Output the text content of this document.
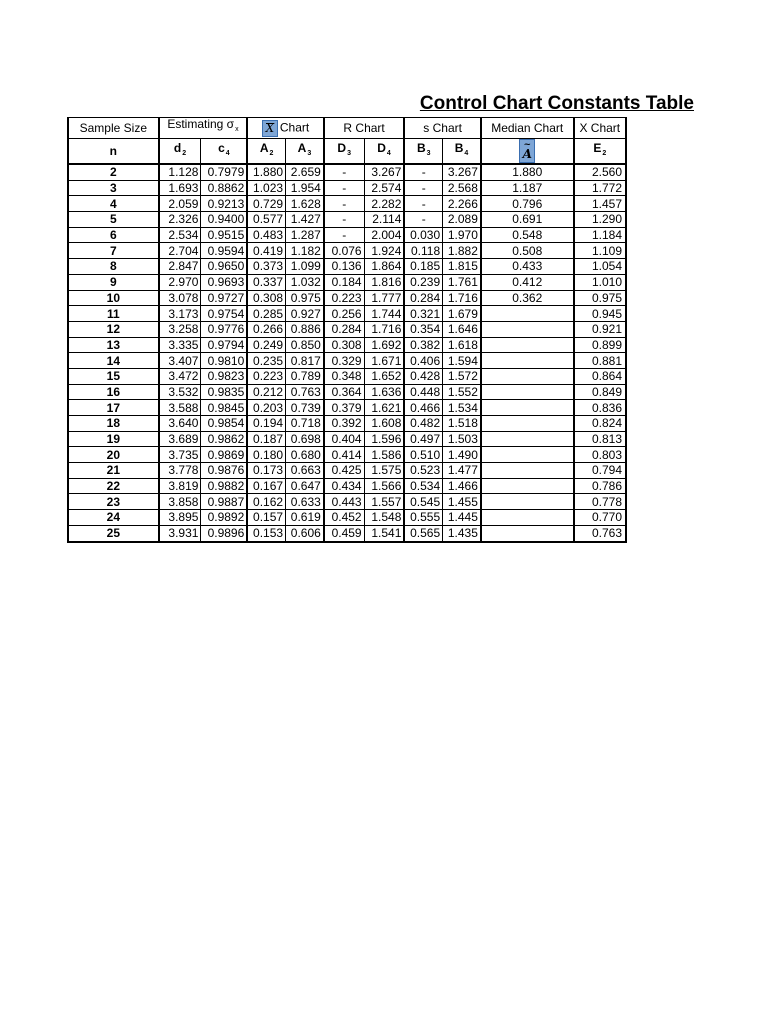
Control Chart Constants Table
Sample Size	Estimating $\sigma_x$		X Chart		R Chart		s Chart		Median Chart	X Chart
n	$d_2$	$c_4$	$A_2$	$A_3$	$D_3$	$D_4$	$B_3$	$B_4$	~ A	$E_2$
2	1.128	0.7979	1.880	2.659	-	3.267	-	3.267	1.880	2.560
3	1.693	0.8862	1.023	1.954	-	2.574	-	2.568	1.187	1.772
4	2.059	0.9213	0.729	1.628	-	2.282	-	2.266	0.796	1.457
5	2.326	0.9400	0.577	1.427	-	2.114	-	2.089	0.691	1.290
6	2.534	0.9515	0.483	1.287	-	2.004	0.030	1.970	0.548	1.184
7	2.704	0.9594	0.419	1.182	0.076	1.924	0.118	1.882	0.508	1.109
8	2.847	0.9650	0.373	1.099	0.136	1.864	0.185	1.815	0.433	1.054
9	2.970	0.9693	0.337	1.032	0.184	1.816	0.239	1.761	0.412	1.010
10	3.078	0.9727	0.308	0.975	0.223	1.777	0.284	1.716	0.362	0.975
11	3.173	0.9754	0.285	0.927	0.256	1.744	0.321	1.679		0.945
12	3.258	0.9776	0.266	0.886	0.284	1.716	0.354	1.646		0.921
13	3.335	0.9794	0.249	0.850	0.308	1.692	0.382	1.618		0.899
14	3.407	0.9810	0.235	0.817	0.329	1.671	0.406	1.594		0.881
15	3.472	0.9823	0.223	0.789	0.348	1.652	0.428	1.572		0.864
16	3.532	0.9835	0.212	0.763	0.364	1.636	0.448	1.552		0.849
17	3.588	0.9845	0.203	0.739	0.379	1.621	0.466	1.534		0.836
18	3.640	0.9854	0.194	0.718	0.392	1.608	0.482	1.518		0.824
19	3.689	0.9862	0.187	0.698	0.404	1.596	0.497	1.503		0.813
20	3.735	0.9869	0.180	0.680	0.414	1.586	0.510	1.490		0.803
21	3.778	0.9876	0.173	0.663	0.425	1.575	0.523	1.477		0.794
22	3.819	0.9882	0.167	0.647	0.434	1.566	0.534	1.466		0.786
23	3.858	0.9887	0.162	0.633	0.443	1.557	0.545	1.455		0.778
24	3.895	0.9892	0.157	0.619	0.452	1.548	0.555	1.445		0.770
25	3.931	0.9896	0.153	0.606	0.459	1.541	0.565	1.435		0.763
